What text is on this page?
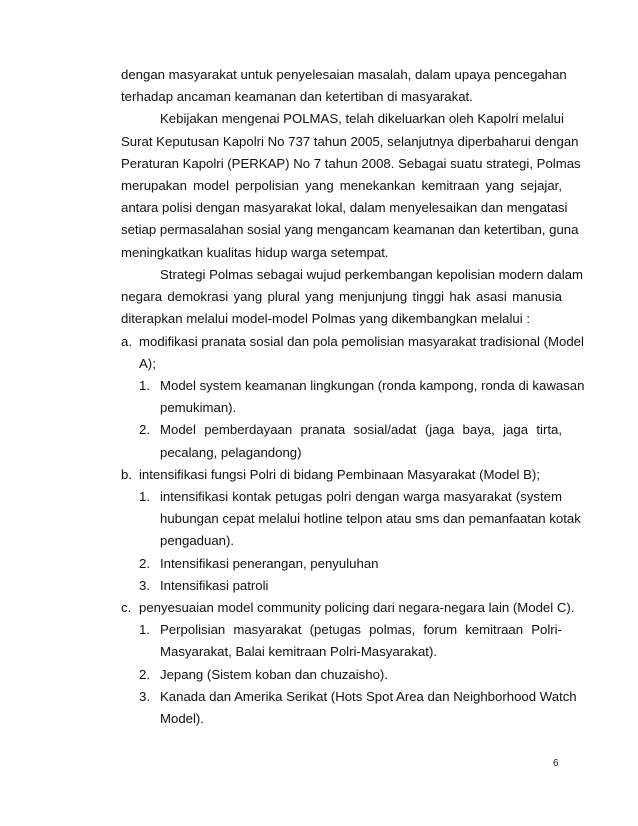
dengan masyarakat untuk penyelesaian masalah, dalam upaya pencegahan
terhadap ancaman keamanan dan ketertiban di masyarakat.
Kebijakan mengenai POLMAS, telah dikeluarkan oleh Kapolri melalui
Surat Keputusan Kapolri No 737 tahun 2005, selanjutnya diperbaharui dengan
Peraturan Kapolri (PERKAP) No 7 tahun 2008. Sebagai suatu strategi, Polmas
merupakan model perpolisian yang menekankan kemitraan yang sejajar,
antara polisi dengan masyarakat lokal, dalam menyelesaikan dan mengatasi
setiap permasalahan sosial yang mengancam keamanan dan ketertiban, guna
meningkatkan kualitas hidup warga setempat.
Strategi Polmas sebagai wujud perkembangan kepolisian modern dalam
negara demokrasi yang plural yang menjunjung tinggi hak asasi manusia
diterapkan melalui model-model Polmas yang dikembangkan melalui :
a. modifikasi pranata sosial dan pola pemolisian masyarakat tradisional (Model
A);
1. Model system keamanan lingkungan (ronda kampong, ronda di kawasan
pemukiman).
2. Model pemberdayaan pranata sosial/adat (jaga baya, jaga tirta,
pecalang, pelagandong)
b. intensifikasi fungsi Polri di bidang Pembinaan Masyarakat (Model B);
1. intensifikasi kontak petugas polri dengan warga masyarakat (system
hubungan cepat melalui hotline telpon atau sms dan pemanfaatan kotak
pengaduan).
2. Intensifikasi penerangan, penyuluhan
3. Intensifikasi patroli
c. penyesuaian model community policing dari negara-negara lain (Model C).
1. Perpolisian masyarakat (petugas polmas, forum kemitraan Polri-
Masyarakat, Balai kemitraan Polri-Masyarakat).
2. Jepang (Sistem koban dan chuzaisho).
3. Kanada dan Amerika Serikat (Hots Spot Area dan Neighborhood Watch
Model).
6
